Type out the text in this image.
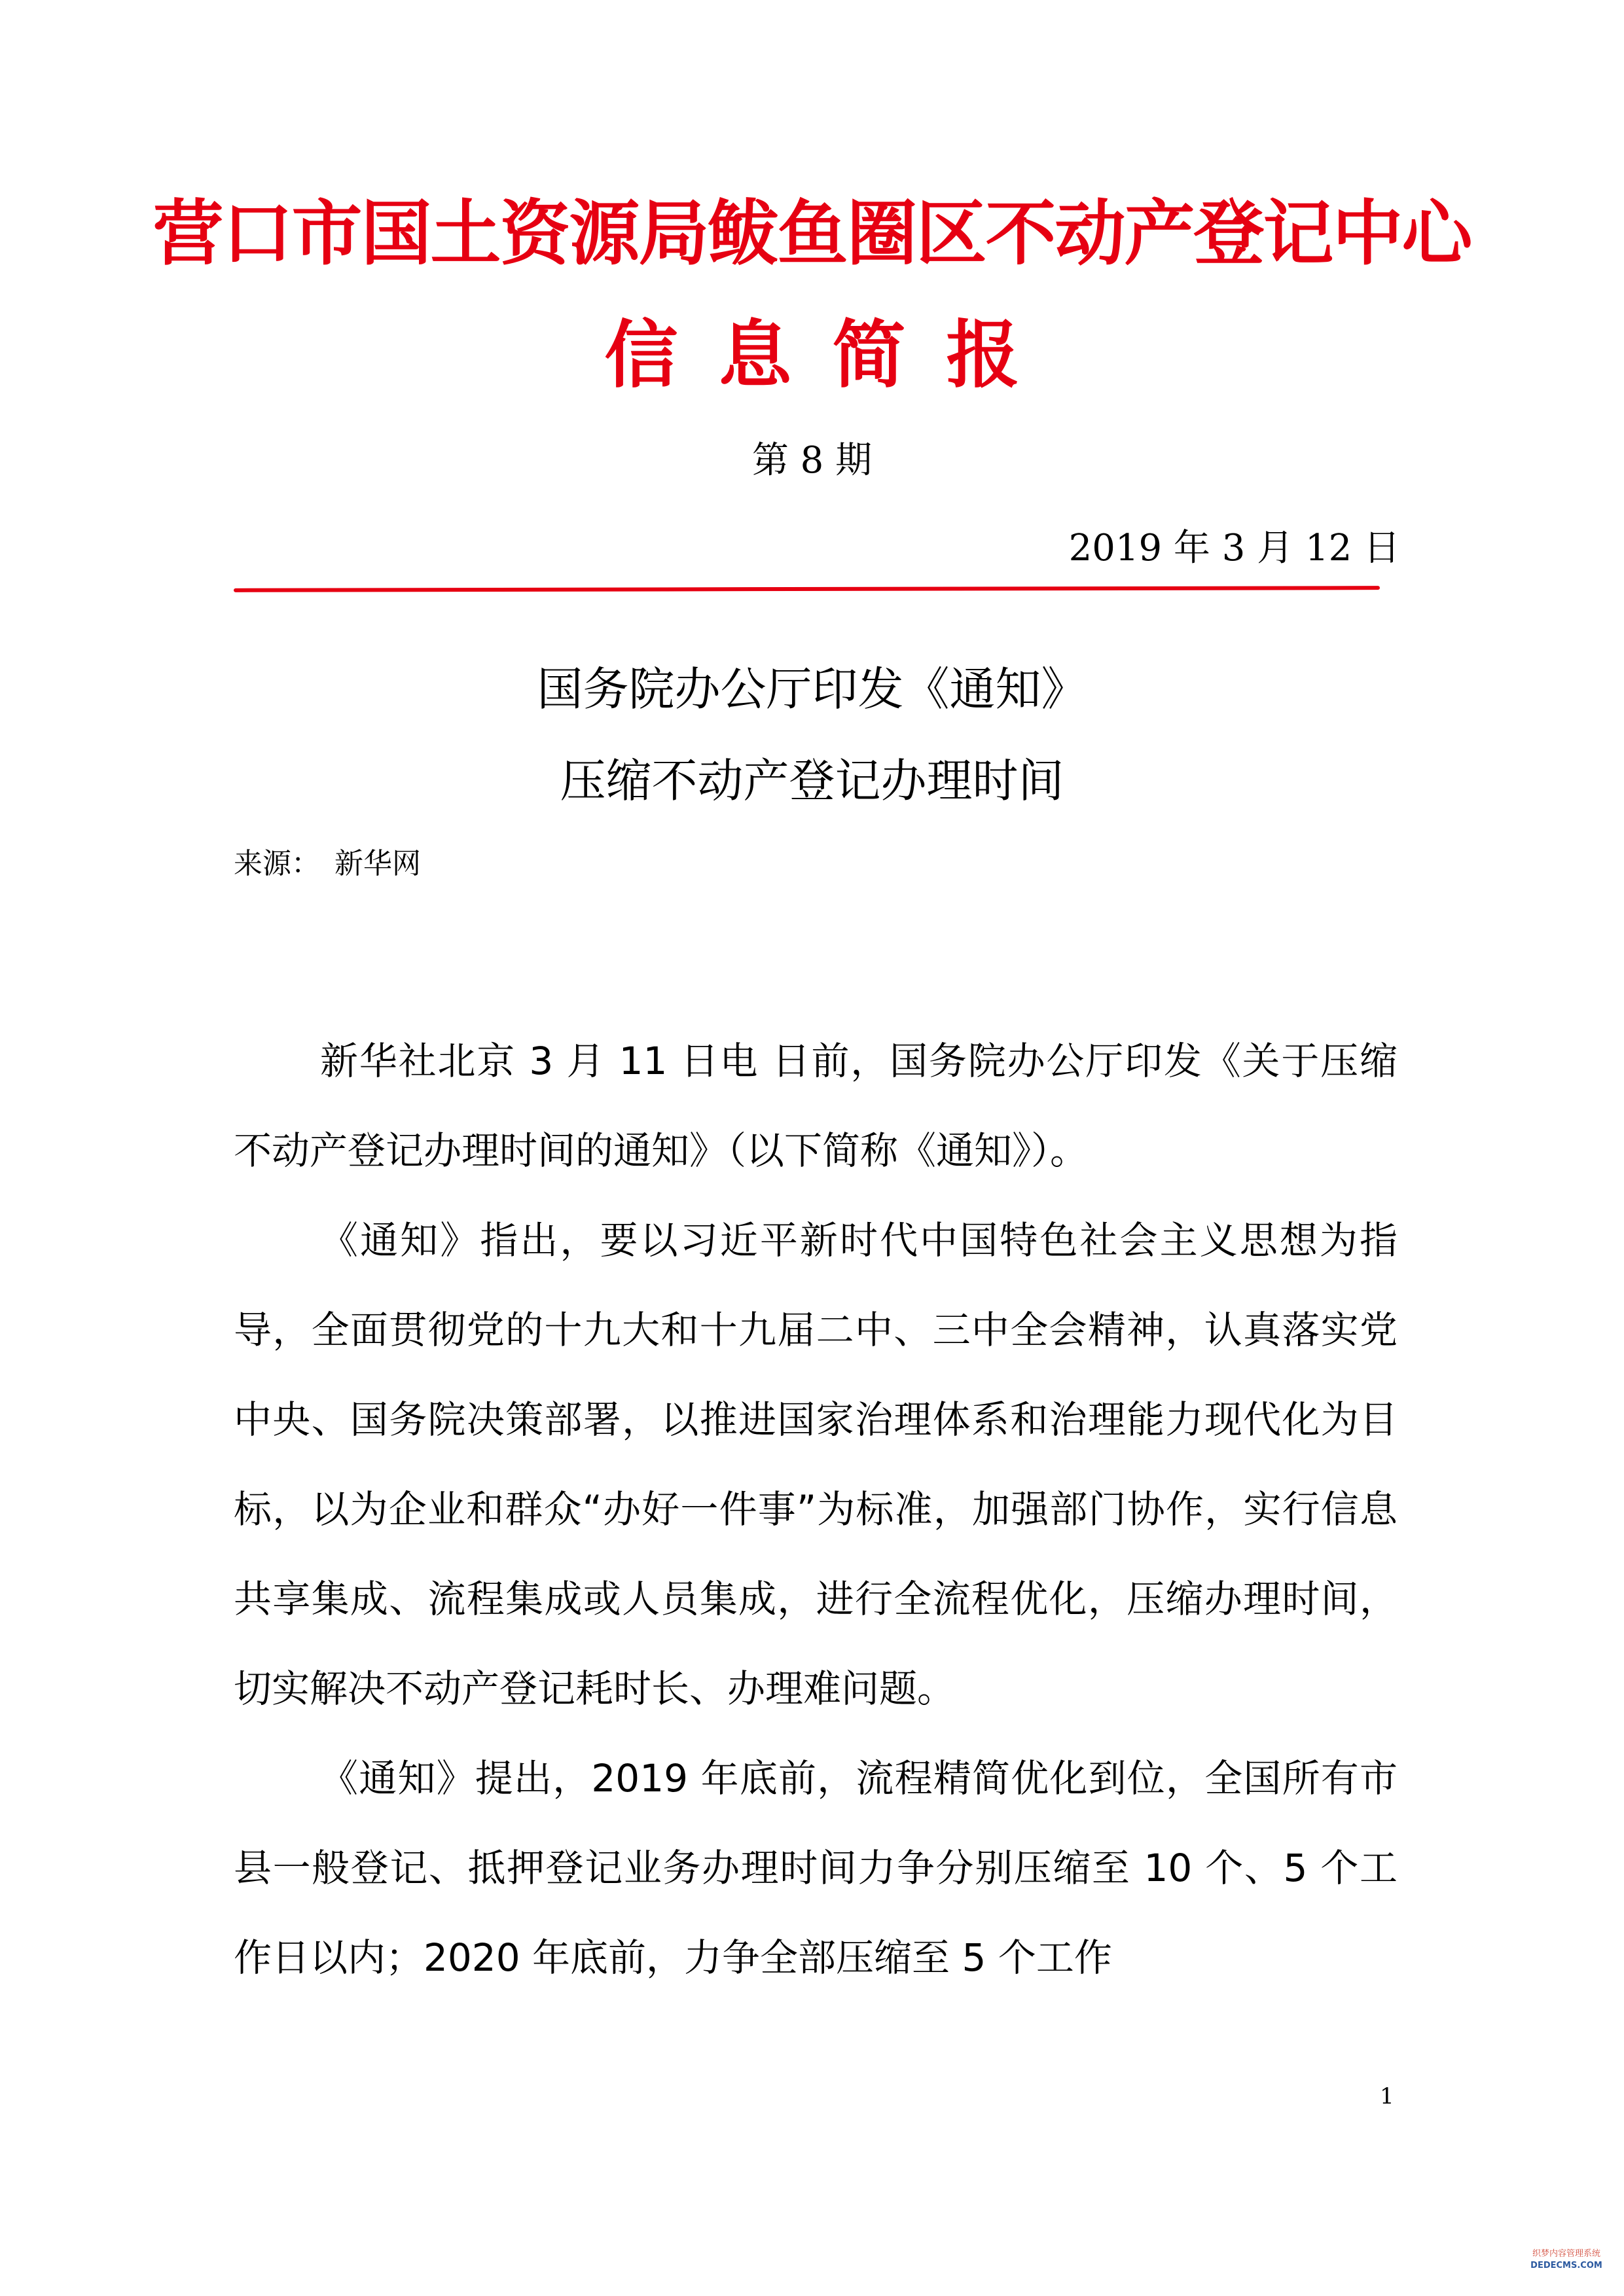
营口市国土资源局鲅鱼圈区不动产登记中心
信息简报
第 8 期
2019 年 3 月 12 日
国务院办公厅印发《通知》
压缩不动产登记办理时间
来源： 新华网

新华社北京 3 月 11 日电 日前，国务院办公厅印发《关于压缩不动产登记办理时间的通知》（以下简称《通知》）。

《通知》指出，要以习近平新时代中国特色社会主义思想为指导，全面贯彻党的十九大和十九届二中、三中全会精神，认真落实党中央、国务院决策部署，以推进国家治理体系和治理能力现代化为目标，以为企业和群众“办好一件事”为标准，加强部门协作，实行信息共享集成、流程集成或人员集成，进行全流程优化，压缩办理时间，切实解决不动产登记耗时长、办理难问题。

《通知》提出，2019 年底前，流程精简优化到位，全国所有市县一般登记、抵押登记业务办理时间力争分别压缩至 10 个、5 个工作日以内；2020 年底前，力争全部压缩至 5 个工作

1
织梦内容管理系统
DEDECMS.COM
